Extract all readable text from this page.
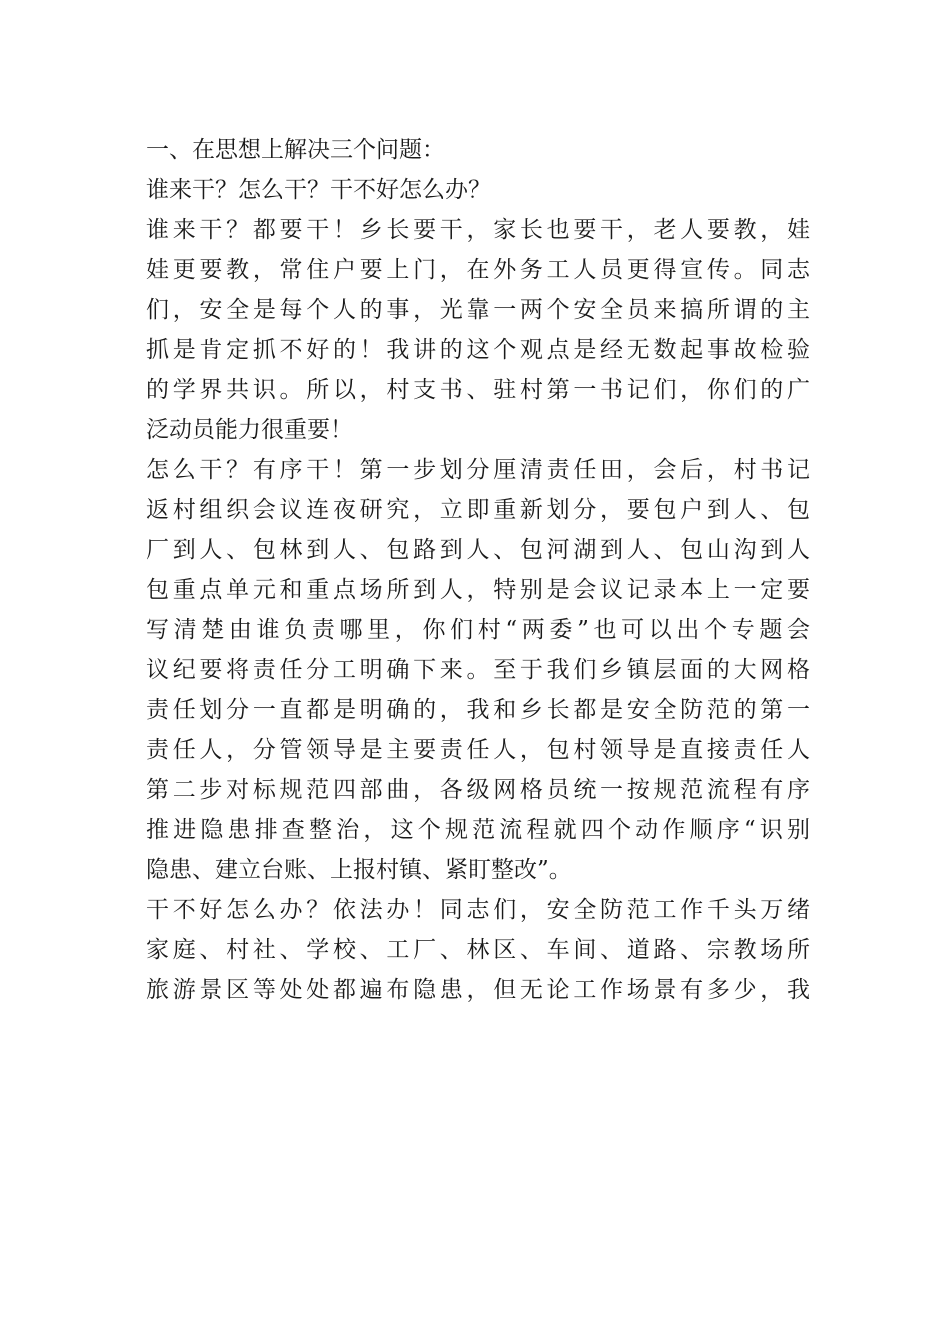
一、在思想上解决三个问题：
谁来干？怎么干？干不好怎么办？
谁来干？都要干！乡长要干，家长也要干，老人要教，娃
娃更要教，常住户要上门，在外务工人员更得宣传。同志
们，安全是每个人的事，光靠一两个安全员来搞所谓的主
抓是肯定抓不好的！我讲的这个观点是经无数起事故检验
的学界共识。所以，村支书、驻村第一书记们，你们的广
泛动员能力很重要！
怎么干？有序干！第一步划分厘清责任田，会后，村书记
返村组织会议连夜研究，立即重新划分，要包户到人、包
厂到人、包林到人、包路到人、包河湖到人、包山沟到人
包重点单元和重点场所到人，特别是会议记录本上一定要
写清楚由谁负责哪里，你们村“两委”也可以出个专题会
议纪要将责任分工明确下来。至于我们乡镇层面的大网格
责任划分一直都是明确的，我和乡长都是安全防范的第一
责任人，分管领导是主要责任人，包村领导是直接责任人
第二步对标规范四部曲，各级网格员统一按规范流程有序
推进隐患排查整治，这个规范流程就四个动作顺序“识别
隐患、建立台账、上报村镇、紧盯整改”。
干不好怎么办？依法办！同志们，安全防范工作千头万绪
家庭、村社、学校、工厂、林区、车间、道路、宗教场所
旅游景区等处处都遍布隐患，但无论工作场景有多少，我
